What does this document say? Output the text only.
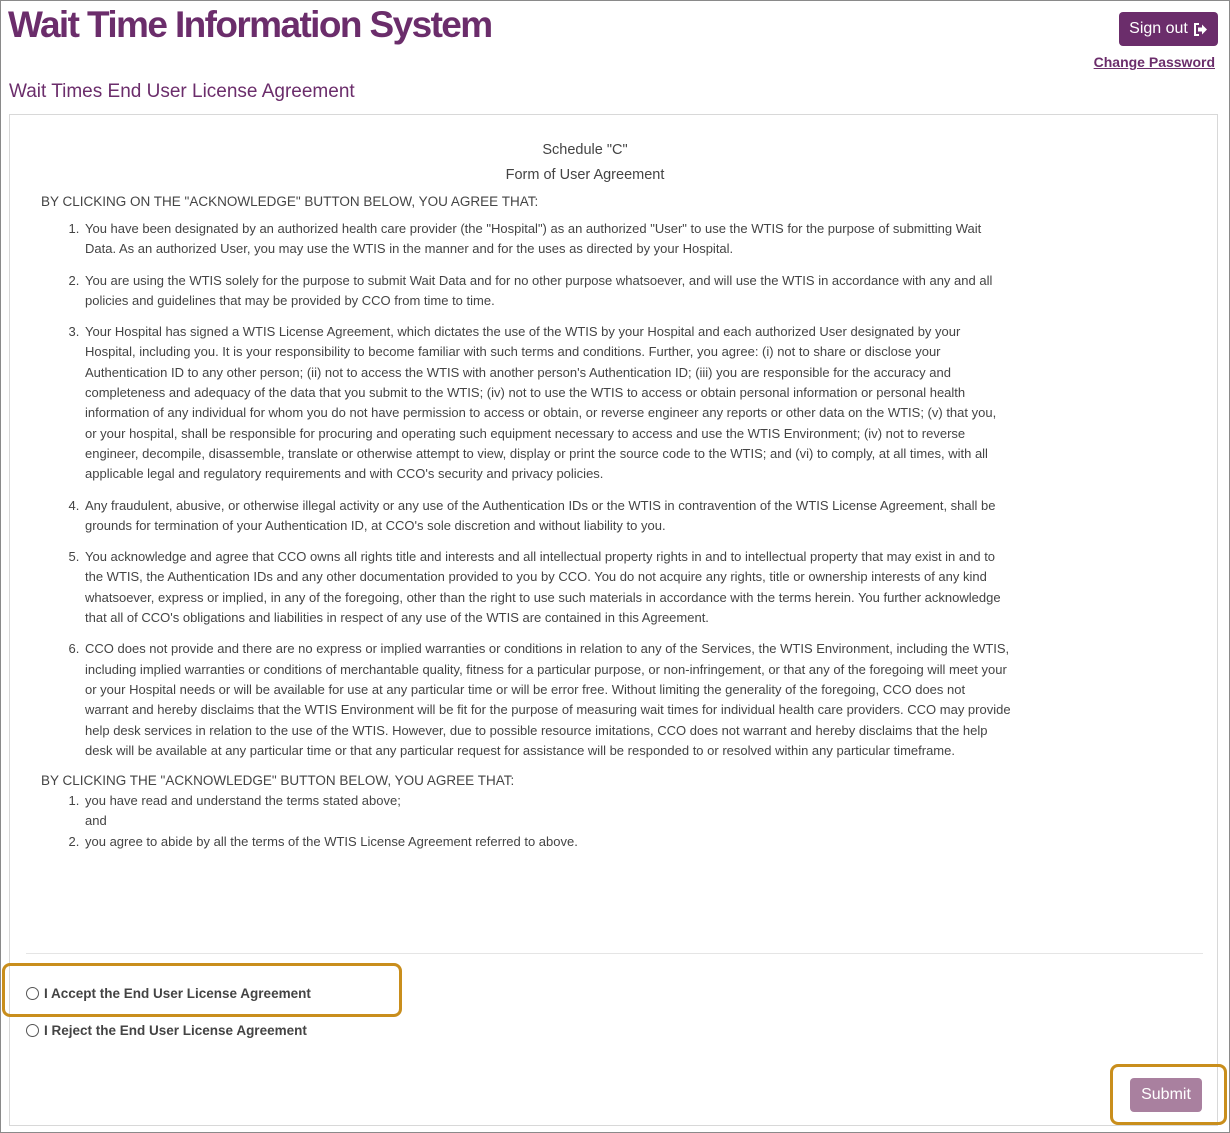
Wait Time Information System	Sign out
Change Password
Wait Times End User License Agreement
Schedule "C"
Form of User Agreement
BY CLICKING ON THE "ACKNOWLEDGE" BUTTON BELOW, YOU AGREE THAT:
1. You have been designated by an authorized health care provider (the "Hospital") as an authorized "User" to use the WTIS for the purpose of submitting Wait Data. As an authorized User, you may use the WTIS in the manner and for the uses as directed by your Hospital.
2. You are using the WTIS solely for the purpose to submit Wait Data and for no other purpose whatsoever, and will use the WTIS in accordance with any and all policies and guidelines that may be provided by CCO from time to time.
3. Your Hospital has signed a WTIS License Agreement, which dictates the use of the WTIS by your Hospital and each authorized User designated by your Hospital, including you. It is your responsibility to become familiar with such terms and conditions. Further, you agree: (i) not to share or disclose your Authentication ID to any other person; (ii) not to access the WTIS with another person's Authentication ID; (iii) you are responsible for the accuracy and completeness and adequacy of the data that you submit to the WTIS; (iv) not to use the WTIS to access or obtain personal information or personal health information of any individual for whom you do not have permission to access or obtain, or reverse engineer any reports or other data on the WTIS; (v) that you, or your hospital, shall be responsible for procuring and operating such equipment necessary to access and use the WTIS Environment; (iv) not to reverse engineer, decompile, disassemble, translate or otherwise attempt to view, display or print the source code to the WTIS; and (vi) to comply, at all times, with all applicable legal and regulatory requirements and with CCO's security and privacy policies.
4. Any fraudulent, abusive, or otherwise illegal activity or any use of the Authentication IDs or the WTIS in contravention of the WTIS License Agreement, shall be grounds for termination of your Authentication ID, at CCO's sole discretion and without liability to you.
5. You acknowledge and agree that CCO owns all rights title and interests and all intellectual property rights in and to intellectual property that may exist in and to the WTIS, the Authentication IDs and any other documentation provided to you by CCO. You do not acquire any rights, title or ownership interests of any kind whatsoever, express or implied, in any of the foregoing, other than the right to use such materials in accordance with the terms herein. You further acknowledge that all of CCO's obligations and liabilities in respect of any use of the WTIS are contained in this Agreement.
6. CCO does not provide and there are no express or implied warranties or conditions in relation to any of the Services, the WTIS Environment, including the WTIS, including implied warranties or conditions of merchantable quality, fitness for a particular purpose, or non-infringement, or that any of the foregoing will meet your or your Hospital needs or will be available for use at any particular time or will be error free. Without limiting the generality of the foregoing, CCO does not warrant and hereby disclaims that the WTIS Environment will be fit for the purpose of measuring wait times for individual health care providers. CCO may provide help desk services in relation to the use of the WTIS. However, due to possible resource imitations, CCO does not warrant and hereby disclaims that the help desk will be available at any particular time or that any particular request for assistance will be responded to or resolved within any particular timeframe.
BY CLICKING THE "ACKNOWLEDGE" BUTTON BELOW, YOU AGREE THAT:
1. you have read and understand the terms stated above;
and
2. you agree to abide by all the terms of the WTIS License Agreement referred to above.
I Accept the End User License Agreement
I Reject the End User License Agreement
Submit
